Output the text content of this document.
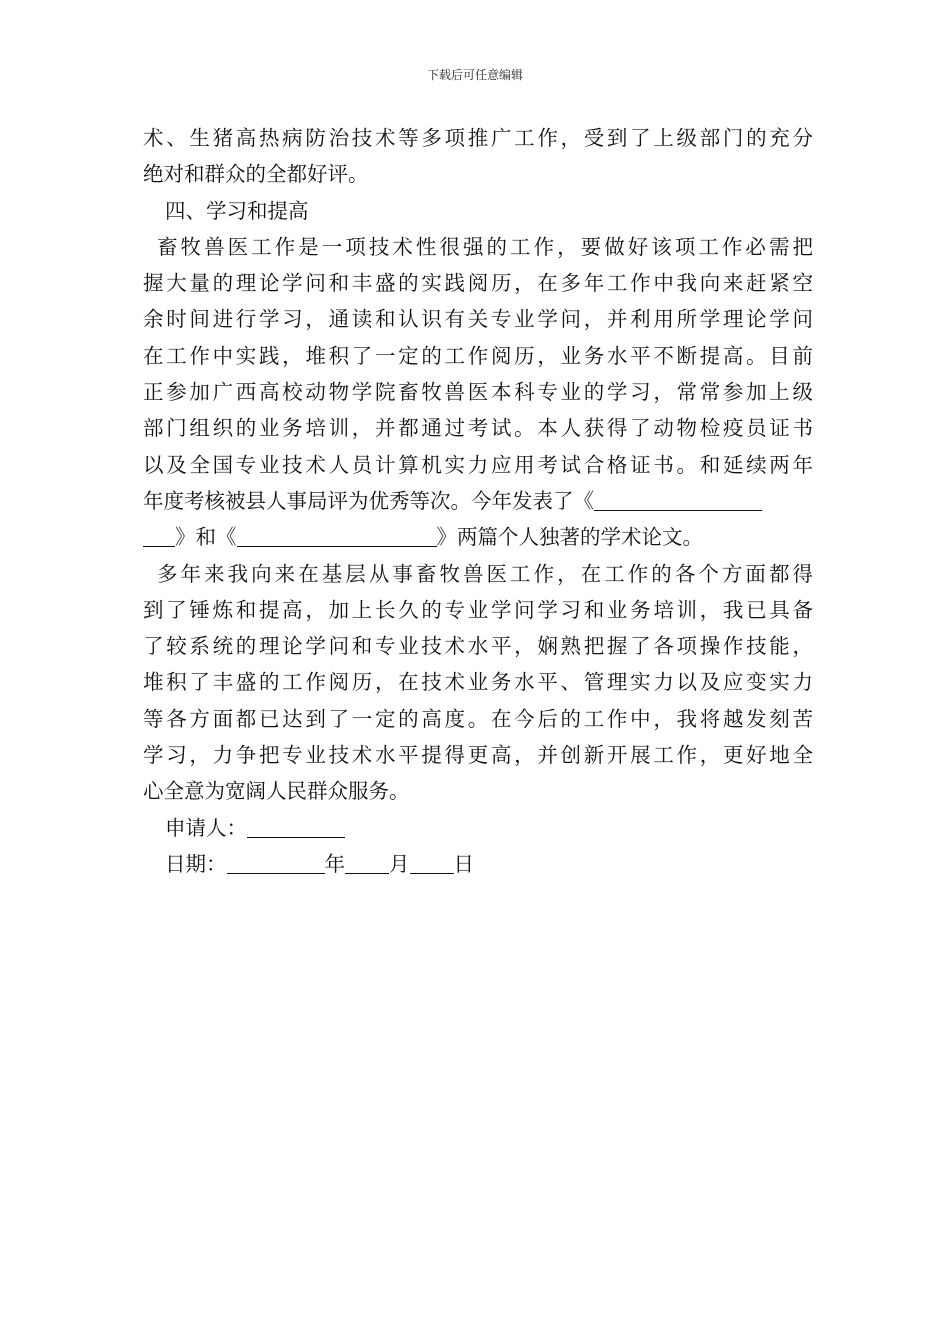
下载后可任意编辑
术、生猪高热病防治技术等多项推广工作，受到了上级部门的充分
绝对和群众的全都好评。
四、学习和提高
畜牧兽医工作是一项技术性很强的工作，要做好该项工作必需把
握大量的理论学问和丰盛的实践阅历，在多年工作中我向来赶紧空
余时间进行学习，通读和认识有关专业学问，并利用所学理论学问
在工作中实践，堆积了一定的工作阅历，业务水平不断提高。目前
正参加广西高校动物学院畜牧兽医本科专业的学习，常常参加上级
部门组织的业务培训，并都通过考试。本人获得了动物检疫员证书
以及全国专业技术人员计算机实力应用考试合格证书。和延续两年
年度考核被县人事局评为优秀等次。今年发表了《
》和《	》两篇个人独著的学术论文。
多年来我向来在基层从事畜牧兽医工作，在工作的各个方面都得
到了锤炼和提高，加上长久的专业学问学习和业务培训，我已具备
了较系统的理论学问和专业技术水平，娴熟把握了各项操作技能，
堆积了丰盛的工作阅历，在技术业务水平、管理实力以及应变实力
等各方面都已达到了一定的高度。在今后的工作中，我将越发刻苦
学习，力争把专业技术水平提得更高，并创新开展工作，更好地全
心全意为宽阔人民群众服务。
申请人：
日期：	年 月 日
